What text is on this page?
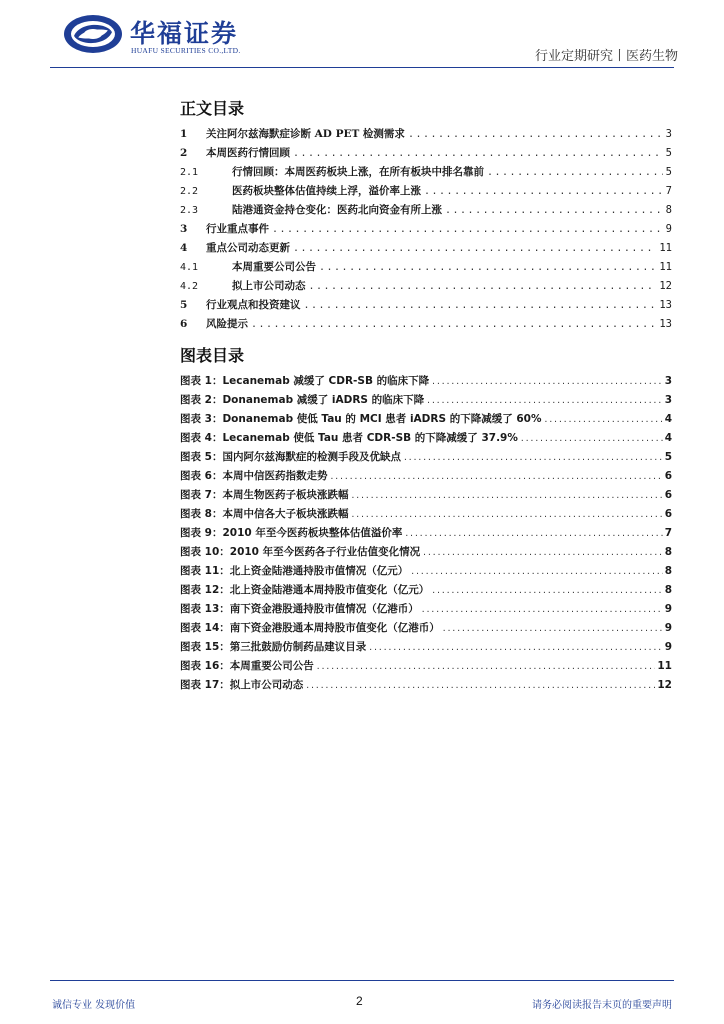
华福证券
HUAFU SECURITIES CO.,LTD.	行业定期研究丨医药生物
正文目录
1	关注阿尔兹海默症诊断 AD PET 检测需求 .....	3
2	本周医药行情回顾 .....	5
2.1	行情回顾：本周医药板块上涨，在所有板块中排名靠前 .....	5
2.2	医药板块整体估值持续上浮，溢价率上涨 .....	7
2.3	陆港通资金持仓变化：医药北向资金有所上涨 .....	8
3	行业重点事件 .....	9
4	重点公司动态更新 .....	11
4.1	本周重要公司公告 .....	11
4.2	拟上市公司动态 .....	12
5	行业观点和投资建议 .....	13
6	风险提示 .....	13
图表目录
图表 1：Lecanemab 减缓了 CDR-SB 的临床下降 .....	3
图表 2：Donanemab 减缓了 iADRS 的临床下降 .....	3
图表 3：Donanemab 使低 Tau 的 MCI 患者 iADRS 的下降减缓了 60% .....	4
图表 4：Lecanemab 使低 Tau 患者 CDR-SB 的下降减缓了 37.9% .....	4
图表 5：国内阿尔兹海默症的检测手段及优缺点 .....	5
图表 6：本周中信医药指数走势 .....	6
图表 7：本周生物医药子板块涨跌幅 .....	6
图表 8：本周中信各大子板块涨跌幅 .....	6
图表 9：2010 年至今医药板块整体估值溢价率 .....	7
图表 10：2010 年至今医药各子行业估值变化情况 .....	8
图表 11：北上资金陆港通持股市值情况（亿元） .....	8
图表 12：北上资金陆港通本周持股市值变化（亿元） .....	8
图表 13：南下资金港股通持股市值情况（亿港币） .....	9
图表 14：南下资金港股通本周持股市值变化（亿港币） .....	9
图表 15：第三批鼓励仿制药品建议目录 .....	9
图表 16：本周重要公司公告 .....	11
图表 17：拟上市公司动态 .....	12
诚信专业 发现价值	2	请务必阅读报告末页的重要声明
